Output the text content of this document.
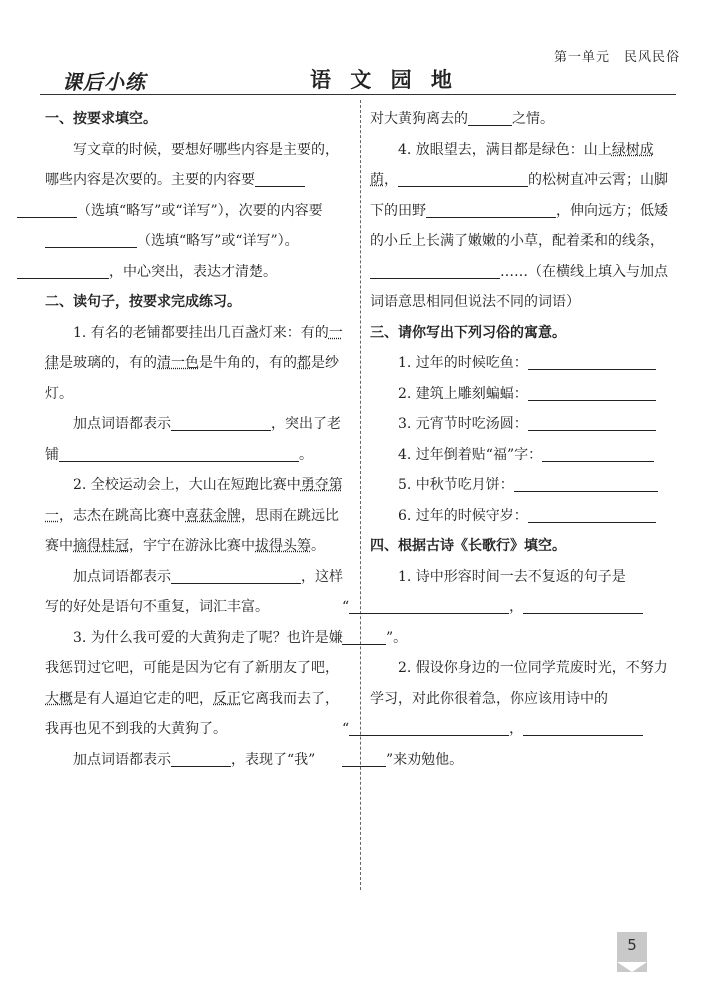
第一单元　民风民俗
课后小练	语 文 园 地

一、按要求填空。

写文章的时候，要想好哪些内容是主要的，哪些内容是次要的。主要的内容要
（选填“略写”或“详写”），次要的内容要（选填“略写”或“详写”）。
，中心突出，表达才清楚。

二、读句子，按要求完成练习。

1. 有名的老铺都要挂出几百盏灯来：有的一律是玻璃的，有的清一色是牛角的，有的都是纱灯。

加点词语都表示	，突出了老铺	。

2. 全校运动会上，大山在短跑比赛中勇夺第一，志杰在跳高比赛中喜获金牌，思雨在跳远比赛中摘得桂冠，宇宁在游泳比赛中拔得头筹。

加点词语都表示	，这样写的好处是语句不重复，词汇丰富。

3. 为什么我可爱的大黄狗走了呢？也许是嫌我惩罚过它吧，可能是因为它有了新朋友了吧，大概是有人逼迫它走的吧，反正它离我而去了，我再也见不到我的大黄狗了。

加点词语都表示	，表现了“我”

对大黄狗离去的	之情。

4. 放眼望去，满目都是绿色：山上绿树成荫，	的松树直冲云霄；山脚下的田野	，伸向远方；低矮的小丘上长满了嫩嫩的小草，配着柔和的线条，……（在横线上填入与加点词语意思相同但说法不同的词语）

三、请你写出下列习俗的寓意。

1. 过年的时候吃鱼：

2. 建筑上雕刻蝙蝠：

3. 元宵节时吃汤圆：

4. 过年倒着贴“福”字：

5. 中秋节吃月饼：

6. 过年的时候守岁：

四、根据古诗《长歌行》填空。

1. 诗中形容时间一去不复返的句子是
“	，
”。

2. 假设你身边的一位同学荒废时光，不努力学习，对此你很着急，你应该用诗中的
“	，
”来劝勉他。

5
